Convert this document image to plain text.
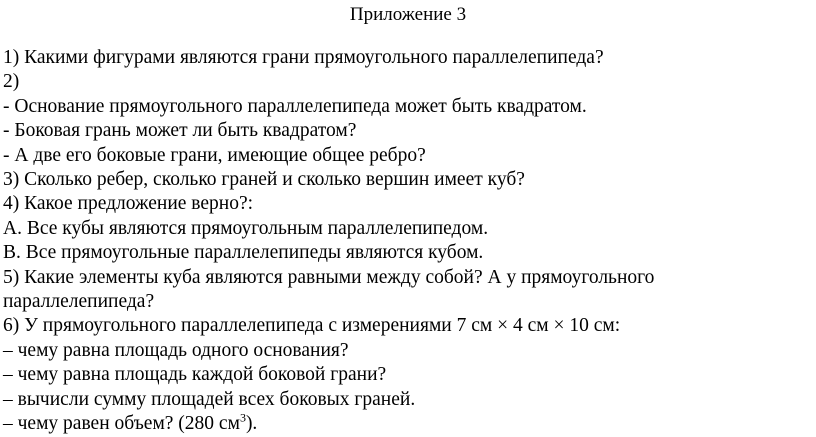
Приложение 3
1) Какими фигурами являются грани прямоугольного параллелепипеда?
2)
- Основание прямоугольного параллелепипеда может быть квадратом.
- Боковая грань может ли быть квадратом?
- А две его боковые грани, имеющие общее ребро?
3) Сколько ребер, сколько граней и сколько вершин имеет куб?
4) Какое предложение верно?:
А. Все кубы являются прямоугольным параллелепипедом.
В. Все прямоугольные параллелепипеды являются кубом.
5) Какие элементы куба являются равными между собой? А у прямоугольного
параллелепипеда?
6) У прямоугольного параллелепипеда с измерениями 7 см × 4 см × 10 см:
– чему равна площадь одного основания?
– чему равна площадь каждой боковой грани?
– вычисли сумму площадей всех боковых граней.
– чему равен объем? (280 $см^3$).
